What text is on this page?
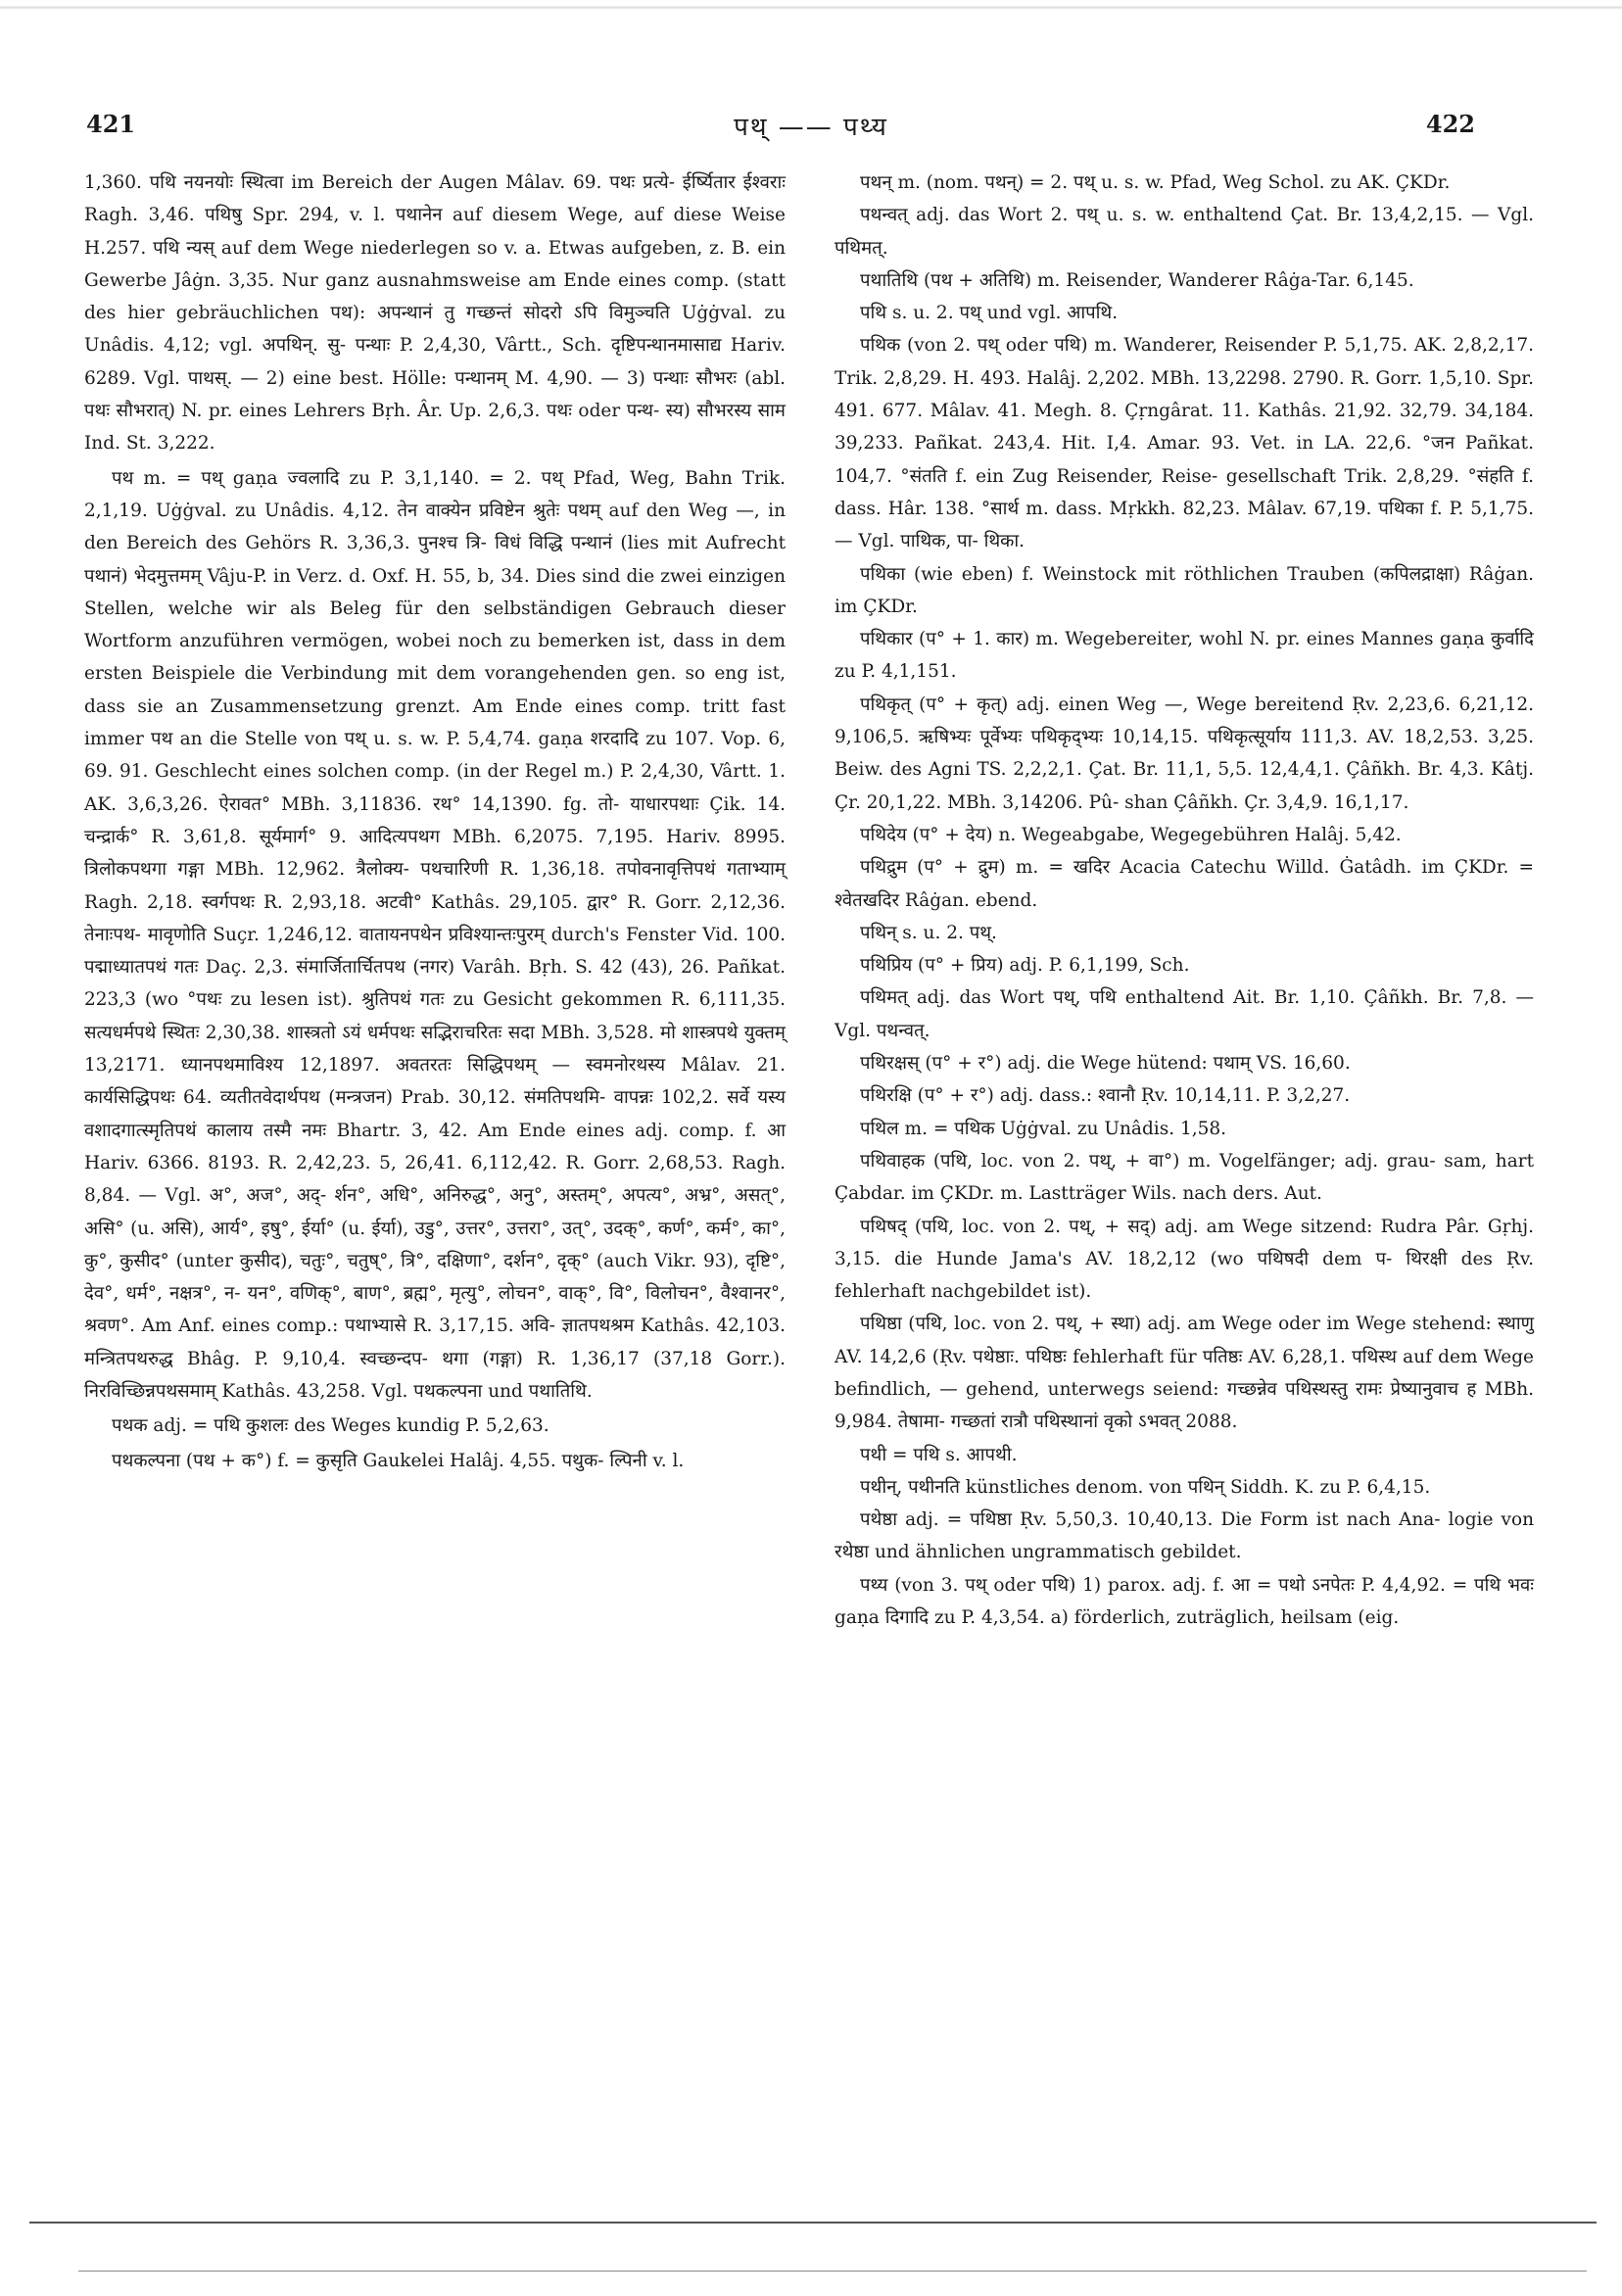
421	पथ् —— पथ्य	422

1,360. पथि नयनयोः स्थित्वा im Bereich der Augen Mâlav. 69. पथः प्रत्ये- ईर्ष्यितार ईश्वराः Ragh. 3,46. पथिषु Spr. 294, v. l. पथानेन auf diesem Wege, auf diese Weise H.257. पथि न्यस् auf dem Wege niederlegen so v. a. Etwas aufgeben, z. B. ein Gewerbe Jâġn. 3,35. Nur ganz ausnahmsweise am Ende eines comp. (statt des hier gebräuchlichen पथ): अपन्थानं तु गच्छन्तं सोदरो ऽपि विमुञ्चति Uġġval. zu Unâdis. 4,12; vgl. अपथिन्. सु- पन्थाः P. 2,4,30, Vârtt., Sch. दृष्टिपन्थानमासाद्य Hariv. 6289. Vgl. पाथस्. — 2) eine best. Hölle: पन्थानम् M. 4,90. — 3) पन्थाः सौभरः (abl. पथः सौभरात्) N. pr. eines Lehrers Bṛh. Âr. Up. 2,6,3. पथः oder पन्थ- स्य) सौभरस्य साम Ind. St. 3,222.

पथ m. = पथ् gaṇa ज्वलादि zu P. 3,1,140. = 2. पथ् Pfad, Weg, Bahn Trik. 2,1,19. Uġġval. zu Unâdis. 4,12. तेन वाक्येन प्रविष्टेन श्रुतेः पथम् auf den Weg —, in den Bereich des Gehörs R. 3,36,3. पुनश्च त्रि- विधं विद्धि पन्थानं (lies mit Aufrecht पथानं) भेदमुत्तमम् Vâju-P. in Verz. d. Oxf. H. 55, b, 34. Dies sind die zwei einzigen Stellen, welche wir als Beleg für den selbständigen Gebrauch dieser Wortform anzuführen vermögen, wobei noch zu bemerken ist, dass in dem ersten Beispiele die Verbindung mit dem vorangehenden gen. so eng ist, dass sie an Zusammensetzung grenzt. Am Ende eines comp. tritt fast immer पथ an die Stelle von पथ् u. s. w. P. 5,4,74. gaṇa शरदादि zu 107. Vop. 6, 69. 91. Geschlecht eines solchen comp. (in der Regel m.) P. 2,4,30, Vârtt. 1. AK. 3,6,3,26. ऐरावत° MBh. 3,11836. रथ° 14,1390. fg. तो- याधारपथाः Çik. 14. चन्द्रार्क° R. 3,61,8. सूर्यमार्ग° 9. आदित्यपथग MBh. 6,2075. 7,195. Hariv. 8995. त्रिलोकपथगा गङ्गा MBh. 12,962. त्रैलोक्य- पथचारिणी R. 1,36,18. तपोवनावृत्तिपथं गताभ्याम् Ragh. 2,18. स्वर्गपथः R. 2,93,18. अटवी° Kathâs. 29,105. द्वार° R. Gorr. 2,12,36. तेनाःपथ- मावृणोति Suçr. 1,246,12. वातायनपथेन प्रविश्यान्तःपुरम् durch's Fenster Vid. 100. पद्माध्यातपथं गतः Daç. 2,3. संमार्जितार्चितपथ (नगर) Varâh. Bṛh. S. 42 (43), 26. Pañkat. 223,3 (wo °पथः zu lesen ist). श्रुतिपथं गतः zu Gesicht gekommen R. 6,111,35. सत्यधर्मपथे स्थितः 2,30,38. शास्त्रतो ऽयं धर्मपथः सद्भिराचरितः सदा MBh. 3,528. मो शास्त्रपथे युक्तम् 13,2171. ध्यानपथमाविश्य 12,1897. अवतरतः सिद्धिपथम् — स्वमनोरथस्य Mâlav. 21. कार्यसिद्धिपथः 64. व्यतीतवेदार्थपथ (मन्त्रजन) Prab. 30,12. संमतिपथमि- वापन्नः 102,2. सर्वे यस्य वशादगात्स्मृतिपथं कालाय तस्मै नमः Bhartr. 3, 42. Am Ende eines adj. comp. f. आ Hariv. 6366. 8193. R. 2,42,23. 5, 26,41. 6,112,42. R. Gorr. 2,68,53. Ragh. 8,84. — Vgl. अ°, अज°, अद्- र्शन°, अधि°, अनिरुद्ध°, अनु°, अस्तम्°, अपत्य°, अभ्र°, असत्°, असि° (u. असि), आर्य°, इषु°, ईर्या° (u. ईर्या), उडु°, उत्तर°, उत्तरा°, उत्°, उदक्°, कर्ण°, कर्म°, का°, कु°, कुसीद° (unter कुसीद), चतुः°, चतुष्°, त्रि°, दक्षिणा°, दर्शन°, दृक्° (auch Vikr. 93), दृष्टि°, देव°, धर्म°, नक्षत्र°, न- यन°, वणिक्°, बाण°, ब्रह्म°, मृत्यु°, लोचन°, वाक्°, वि°, विलोचन°, वैश्वानर°, श्रवण°. Am Anf. eines comp.: पथाभ्यासे R. 3,17,15. अवि- ज्ञातपथश्रम Kathâs. 42,103. मन्त्रितपथरुद्ध Bhâg. P. 9,10,4. स्वच्छन्दप- थगा (गङ्गा) R. 1,36,17 (37,18 Gorr.). निरविच्छिन्नपथसमाम् Kathâs. 43,258. Vgl. पथकल्पना und पथातिथि.

पथक adj. = पथि कुशलः des Weges kundig P. 5,2,63.

पथकल्पना (पथ + क°) f. = कुसृति Gaukelei Halâj. 4,55. पथुक- ल्पिनी v. l.

पथन् m. (nom. पथन्) = 2. पथ् u. s. w. Pfad, Weg Schol. zu AK. ÇKDr.

पथन्वत् adj. das Wort 2. पथ् u. s. w. enthaltend Çat. Br. 13,4,2,15. — Vgl. पथिमत्.

पथातिथि (पथ + अतिथि) m. Reisender, Wanderer Râġa-Tar. 6,145.

पथि s. u. 2. पथ् und vgl. आपथि.

पथिक (von 2. पथ् oder पथि) m. Wanderer, Reisender P. 5,1,75. AK. 2,8,2,17. Trik. 2,8,29. H. 493. Halâj. 2,202. MBh. 13,2298. 2790. R. Gorr. 1,5,10. Spr. 491. 677. Mâlav. 41. Megh. 8. Çṛngârat. 11. Kathâs. 21,92. 32,79. 34,184. 39,233. Pañkat. 243,4. Hit. I,4. Amar. 93. Vet. in LA. 22,6. °जन Pañkat. 104,7. °संतति f. ein Zug Reisender, Reise- gesellschaft Trik. 2,8,29. °संहति f. dass. Hâr. 138. °सार्थ m. dass. Mṛkkh. 82,23. Mâlav. 67,19. पथिका f. P. 5,1,75. — Vgl. पाथिक, पा- थिका.

पथिका (wie eben) f. Weinstock mit röthlichen Trauben (कपिलद्राक्षा) Râġan. im ÇKDr.

पथिकार (प° + 1. कार) m. Wegebereiter, wohl N. pr. eines Mannes gaṇa कुर्वादि zu P. 4,1,151.

पथिकृत् (प° + कृत्) adj. einen Weg —, Wege bereitend Ṛv. 2,23,6. 6,21,12. 9,106,5. ऋषिभ्यः पूर्वेभ्यः पथिकृद्भ्यः 10,14,15. पथिकृत्सूर्याय 111,3. AV. 18,2,53. 3,25. Beiw. des Agni TS. 2,2,2,1. Çat. Br. 11,1, 5,5. 12,4,4,1. Çâñkh. Br. 4,3. Kâtj. Çr. 20,1,22. MBh. 3,14206. Pû- shan Çâñkh. Çr. 3,4,9. 16,1,17.

पथिदेय (प° + देय) n. Wegeabgabe, Wegegebühren Halâj. 5,42.

पथिद्रुम (प° + द्रुम) m. = खदिर Acacia Catechu Willd. Ġatâdh. im ÇKDr. = श्वेतखदिर Râġan. ebend.

पथिन् s. u. 2. पथ्.

पथिप्रिय (प° + प्रिय) adj. P. 6,1,199, Sch.

पथिमत् adj. das Wort पथ्, पथि enthaltend Ait. Br. 1,10. Çâñkh. Br. 7,8. — Vgl. पथन्वत्.

पथिरक्षस् (प° + र°) adj. die Wege hütend: पथाम् VS. 16,60.

पथिरक्षि (प° + र°) adj. dass.: श्वानौ Ṛv. 10,14,11. P. 3,2,27.

पथिल m. = पथिक Uġġval. zu Unâdis. 1,58.

पथिवाहक (पथि, loc. von 2. पथ्, + वा°) m. Vogelfänger; adj. grau- sam, hart Çabdar. im ÇKDr. m. Lastträger Wils. nach ders. Aut.

पथिषद् (पथि, loc. von 2. पथ्, + सद्) adj. am Wege sitzend: Rudra Pâr. Gṛhj. 3,15. die Hunde Jama's AV. 18,2,12 (wo पथिषदी dem प- थिरक्षी des Ṛv. fehlerhaft nachgebildet ist).

पथिष्ठा (पथि, loc. von 2. पथ्, + स्था) adj. am Wege oder im Wege stehend: स्थाणु AV. 14,2,6 (Ṛv. पथेष्ठाः. पथिष्ठः fehlerhaft für पतिष्ठः AV. 6,28,1. पथिस्थ auf dem Wege befindlich, — gehend, unterwegs seiend: गच्छन्नेव पथिस्थस्तु रामः प्रेष्यानुवाच ह MBh. 9,984. तेषामा- गच्छतां रात्रौ पथिस्थानां वृको ऽभवत् 2088.

पथी = पथि s. आपथी.

पथीन्, पथीनति künstliches denom. von पथिन् Siddh. K. zu P. 6,4,15.

पथेष्ठा adj. = पथिष्ठा Ṛv. 5,50,3. 10,40,13. Die Form ist nach Ana- logie von रथेष्ठा und ähnlichen ungrammatisch gebildet.

पथ्य (von 3. पथ् oder पथि) 1) parox. adj. f. आ = पथो ऽनपेतः P. 4,4,92. = पथि भवः gaṇa दिगादि zu P. 4,3,54. a) förderlich, zuträglich, heilsam (eig.
